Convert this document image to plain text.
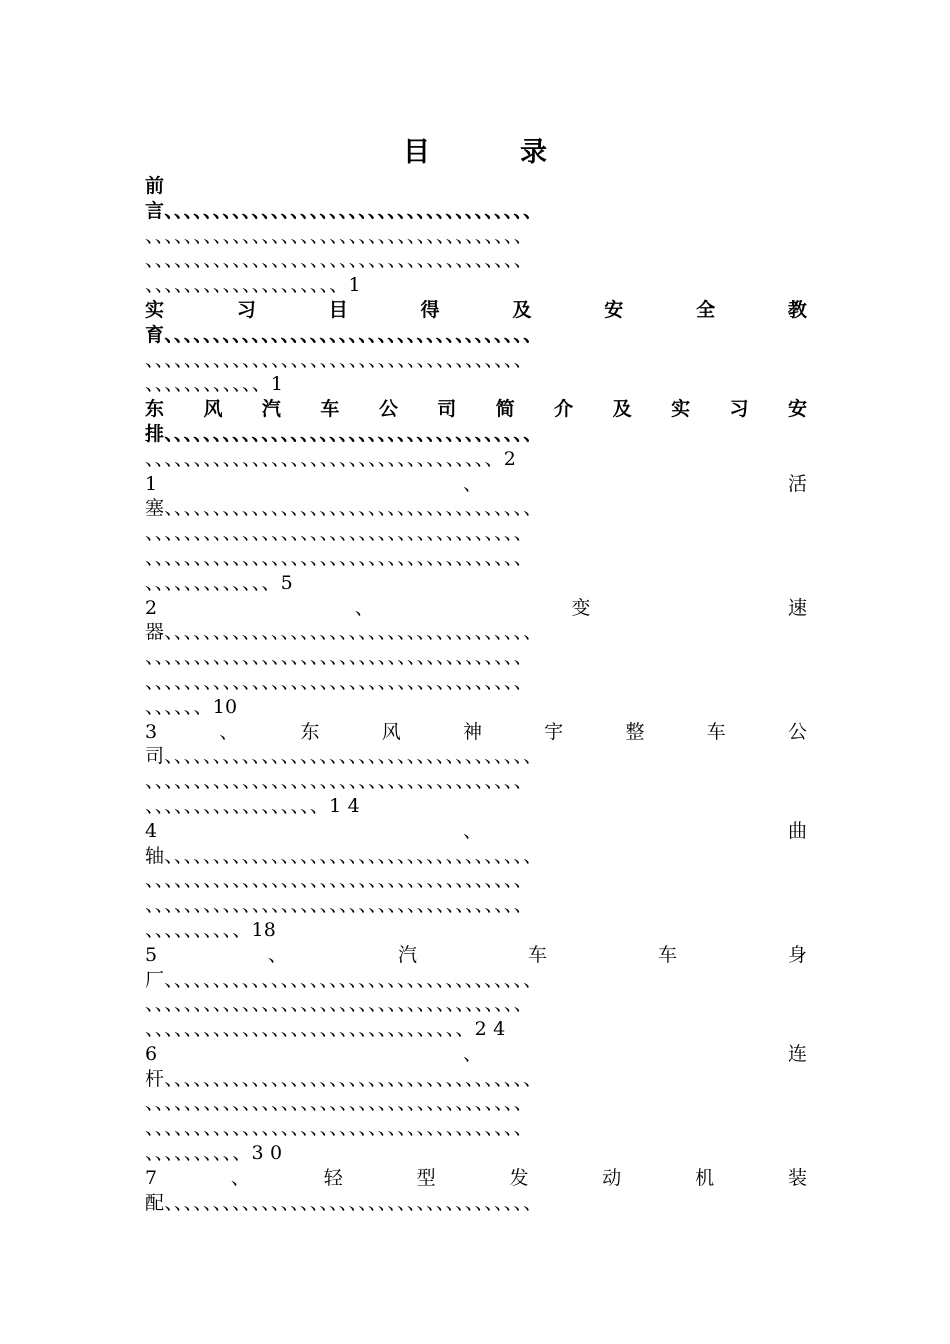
目	录
前
言、、、、、、、、、、、、、、、、、、、、、、、、、、、、、、、、、、、、、、
、、、、、、、、、、、、、、、、、、、、、、、、、、、、、、、、、、、、、、、
、、、、、、、、、、、、、、、、、、、、、、、、、、、、、、、、、、、、、、、
、、、、、、、、、、、、、、、、、、、、1
实	习	目	得	及	安	全	教
育、、、、、、、、、、、、、、、、、、、、、、、、、、、、、、、、、、、、、、
、、、、、、、、、、、、、、、、、、、、、、、、、、、、、、、、、、、、、、、
、、、、、、、、、、、、1
东 风 汽 车 公 司 简 介 及 实 习 安
排、、、、、、、、、、、、、、、、、、、、、、、、、、、、、、、、、、、、、、
、、、、、、、、、、、、、、、、、、、、、、、、、、、、、、、、、、、、2
1	、	活
塞、、、、、、、、、、、、、、、、、、、、、、、、、、、、、、、、、、、、、、
、、、、、、、、、、、、、、、、、、、、、、、、、、、、、、、、、、、、、、、
、、、、、、、、、、、、、、、、、、、、、、、、、、、、、、、、、、、、、、、
、、、、、、、、、、、、、5
2	、	变	速
器、、、、、、、、、、、、、、、、、、、、、、、、、、、、、、、、、、、、、、
、、、、、、、、、、、、、、、、、、、、、、、、、、、、、、、、、、、、、、、
、、、、、、、、、、、、、、、、、、、、、、、、、、、、、、、、、、、、、、、
、、、、、、10
3	、	东	风	神	宇	整	车	公
司、、、、、、、、、、、、、、、、、、、、、、、、、、、、、、、、、、、、、、
、、、、、、、、、、、、、、、、、、、、、、、、、、、、、、、、、、、、、、、
、、、、、、、、、、、、、、、、、、1 4
4	、	曲
轴、、、、、、、、、、、、、、、、、、、、、、、、、、、、、、、、、、、、、、
、、、、、、、、、、、、、、、、、、、、、、、、、、、、、、、、、、、、、、、
、、、、、、、、、、、、、、、、、、、、、、、、、、、、、、、、、、、、、、、
、、、、、、、、、、18
5	、	汽	车	车	身
厂、、、、、、、、、、、、、、、、、、、、、、、、、、、、、、、、、、、、、、
、、、、、、、、、、、、、、、、、、、、、、、、、、、、、、、、、、、、、、、
、、、、、、、、、、、、、、、、、、、、、、、、、、、、、、、、、2 4
6	、	连
杆、、、、、、、、、、、、、、、、、、、、、、、、、、、、、、、、、、、、、、
、、、、、、、、、、、、、、、、、、、、、、、、、、、、、、、、、、、、、、、
、、、、、、、、、、、、、、、、、、、、、、、、、、、、、、、、、、、、、、、
、、、、、、、、、、3 0
7	、	轻	型	发	动	机	装
配、、、、、、、、、、、、、、、、、、、、、、、、、、、、、、、、、、、、、、
